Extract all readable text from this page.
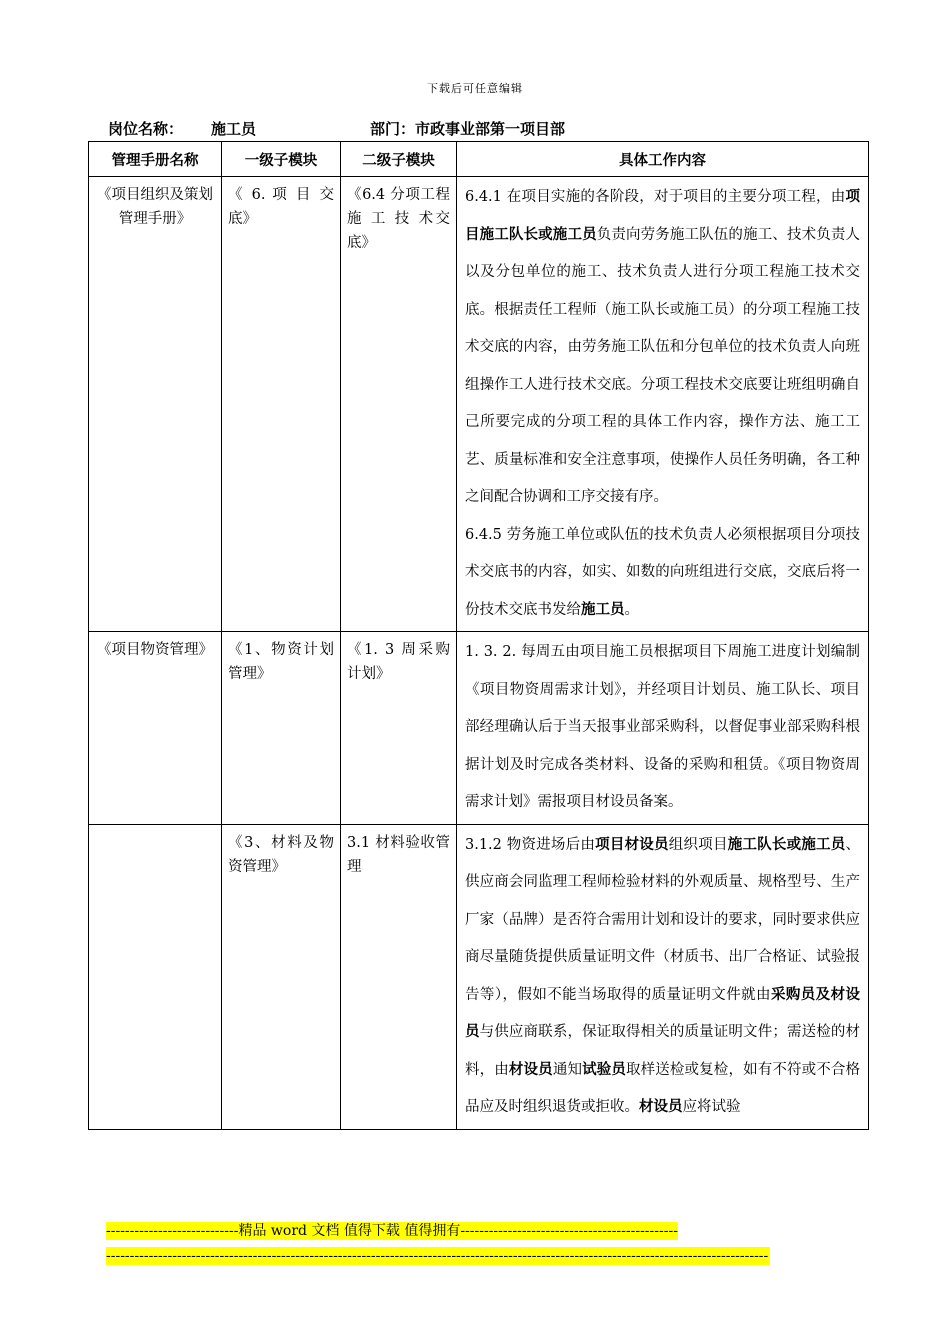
下载后可任意编辑
岗位名称： 施工员	部门：市政事业部第一项目部
管理手册名称	一级子模块	二级子模块	具体工作内容
《项目组织及策划管理手册》	《 6. 项 目 交底》	《6.4 分项工程 施 工 技 术交底》	6.4.1 在项目实施的各阶段，对于项目的主要分项工程，由项目施工队长或施工员负责向劳务施工队伍的施工、技术负责人以及分包单位的施工、技术负责人进行分项工程施工技术交底。根据责任工程师（施工队长或施工员）的分项工程施工技术交底的内容，由劳务施工队伍和分包单位的技术负责人向班组操作工人进行技术交底。分项工程技术交底要让班组明确自己所要完成的分项工程的具体工作内容，操作方法、施工工艺、质量标准和安全注意事项，使操作人员任务明确，各工种之间配合协调和工序交接有序。

6.4.5 劳务施工单位或队伍的技术负责人必须根据项目分项技术交底书的内容，如实、如数的向班组进行交底，交底后将一份技术交底书发给施工员。

《项目物资管理》	《1、物资计划管理》	《1. 3 周采购计划》	1. 3. 2. 每周五由项目施工员根据项目下周施工进度计划编制《项目物资周需求计划》，并经项目计划员、施工队长、项目部经理确认后于当天报事业部采购科，以督促事业部采购科根据计划及时完成各类材料、设备的采购和租赁。《项目物资周需求计划》需报项目材设员备案。
	《3、材料及物资管理》	3.1 材料验收管理	3.1.2 物资进场后由项目材设员组织项目施工队长或施工员、供应商会同监理工程师检验材料的外观质量、规格型号、生产厂家（品牌）是否符合需用计划和设计的要求，同时要求供应商尽量随货提供质量证明文件（材质书、出厂合格证、试验报告等），假如不能当场取得的质量证明文件就由采购员及材设员与供应商联系，保证取得相关的质量证明文件；需送检的材料，由材设员通知试验员取样送检或复检，如有不符或不合格品应及时组织退货或拒收。材设员应将试验
----------------------------精品 word 文档 值得下载 值得拥有----------------------------------------------
--------------------------------------------------------------------------------------------------------------------------------------------
